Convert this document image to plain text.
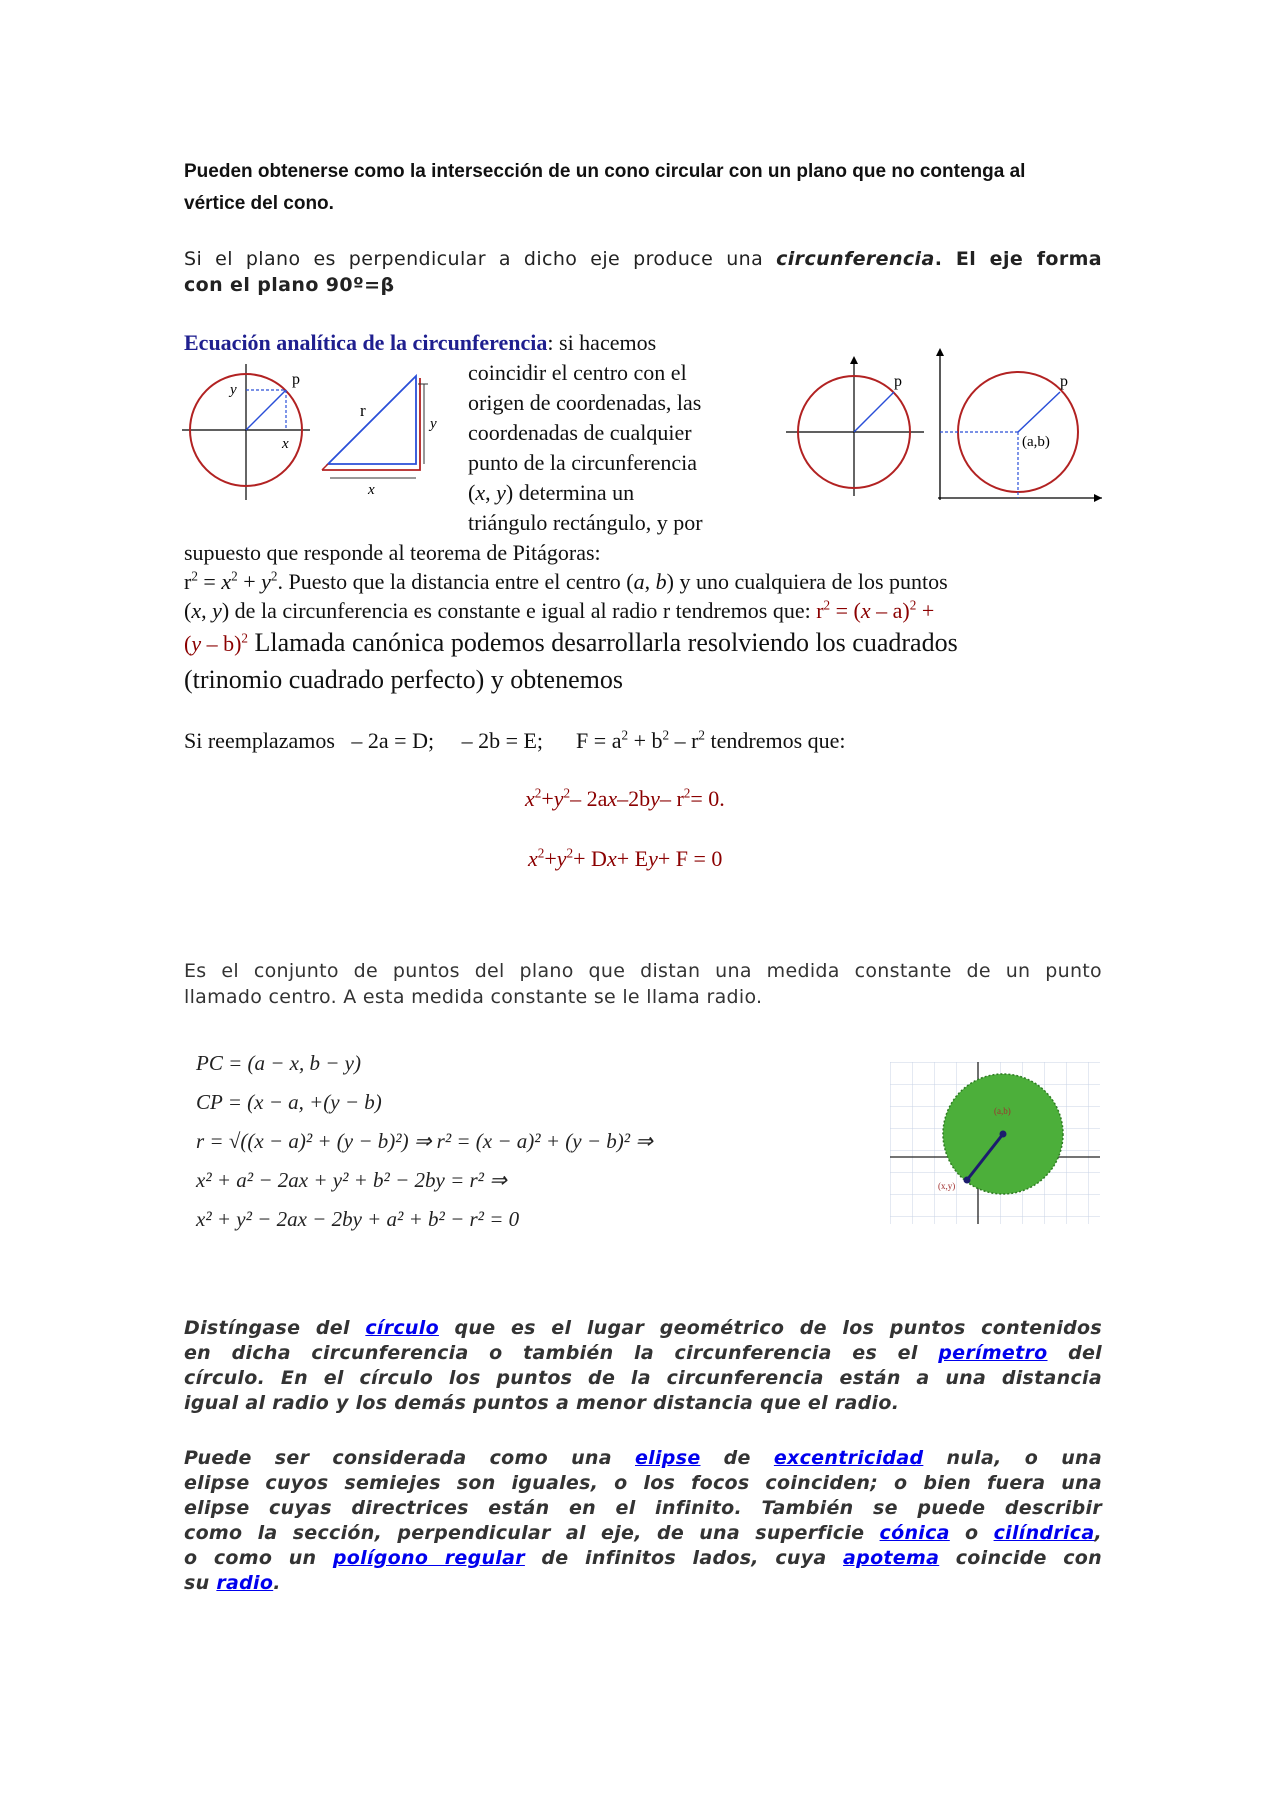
Pueden obtenerse como la intersección de un cono circular con un plano que no contenga al
vértice del cono.
Si el plano es perpendicular a dicho eje produce una circunferencia. El eje forma
con el plano 90º=β
Ecuación analítica de la circunferencia: si hacemos
p
y
x
r
y
x
coincidir el centro con el
origen de coordenadas, las
coordenadas de cualquier
punto de la circunferencia
(x, y) determina un
triángulo rectángulo, y por
p	p
(a,b)
supuesto que responde al teorema de Pitágoras:
$r^2 = x^2 + y^2$. Puesto que la distancia entre el centro (a, b) y uno cualquiera de los puntos
(x, y) de la circunferencia es constante e igual al radio r tendremos que: $r^2 = (x - a)^2$ +
(y – b)$^2$ Llamada canónica podemos desarrollarla resolviendo los cuadrados
(trinomio cuadrado perfecto) y obtenemos
Si reemplazamos – 2a = D; – 2b = E; $F = a^2 + b^2 - r^2$ tendremos que:
$x^2+y^2-$ 2ax–2by– $r^2= 0$.
$x^2+y^2+ Dx+ Ey+ F = 0$
Es el conjunto de puntos del plano que distan una medida constante de un punto
llamado centro. A esta medida constante se le llama radio.
PC = (a − x, b − y)
CP = (x − a, +(y − b)
r = √((x − a)² + (y − b)²) ⇒ r² = (x − a)² + (y − b)² ⇒
x² + a² − 2ax + y² + b² − 2by = r² ⇒
x² + y² − 2ax − 2by + a² + b² − r² = 0
(a,b)
(x,y)
Distíngase del círculo que es el lugar geométrico de los puntos contenidos
en dicha circunferencia o también la circunferencia es el perímetro del
círculo. En el círculo los puntos de la circunferencia están a una distancia
igual al radio y los demás puntos a menor distancia que el radio.
Puede ser considerada como una elipse de excentricidad nula, o una
elipse cuyos semiejes son iguales, o los focos coinciden; o bien fuera una
elipse cuyas directrices están en el infinito. También se puede describir
como la sección, perpendicular al eje, de una superficie cónica o cilíndrica,
o como un polígono regular de infinitos lados, cuya apotema coincide con
su radio.
